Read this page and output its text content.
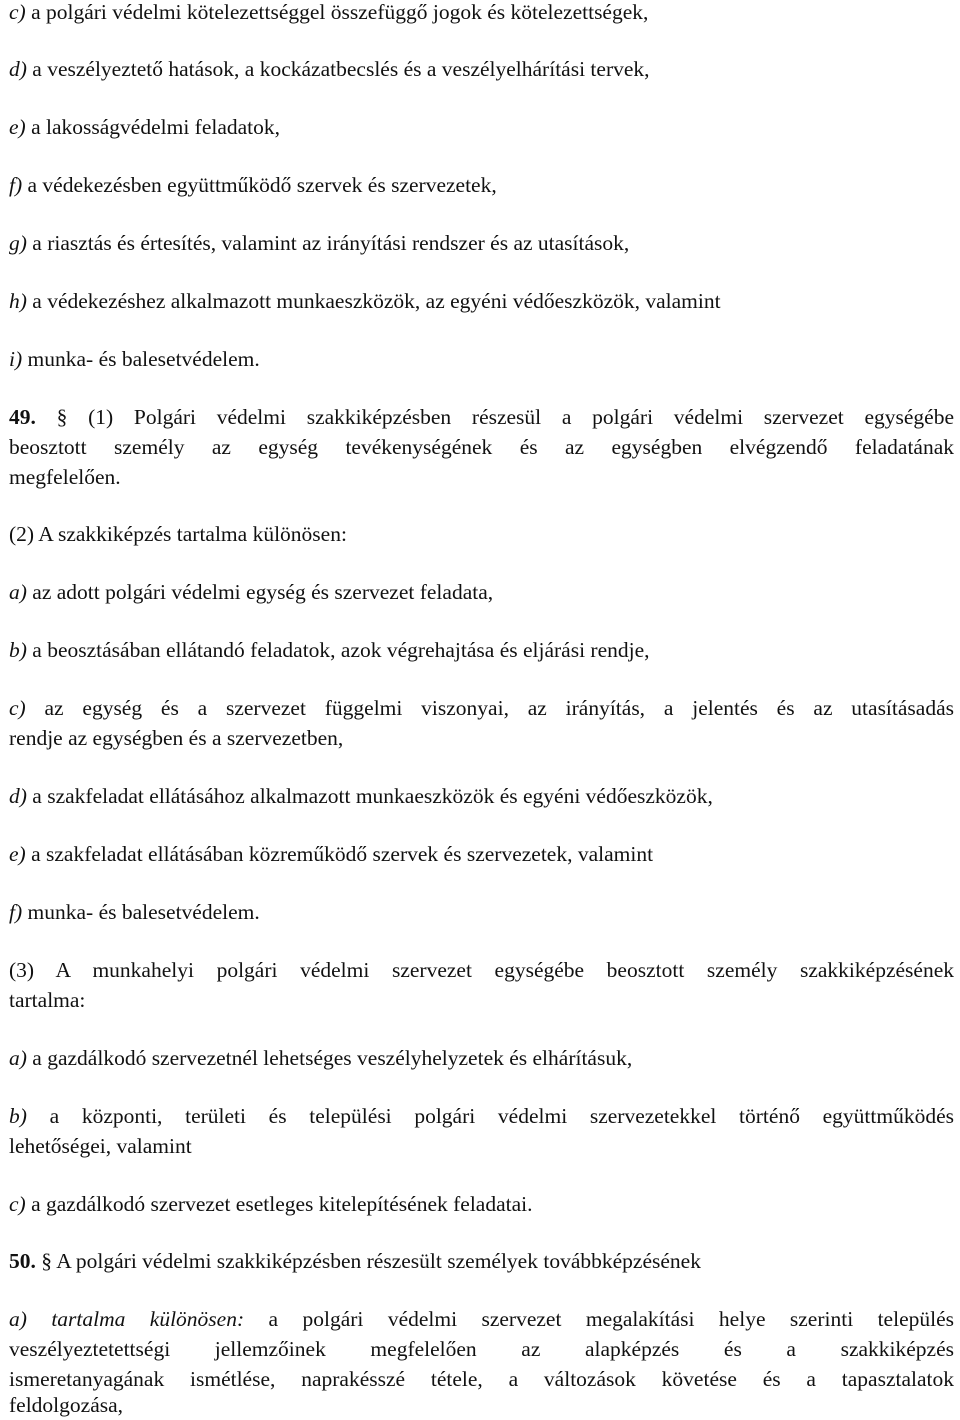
c) a polgári védelmi kötelezettséggel összefüggő jogok és kötelezettségek,
d) a veszélyeztető hatások, a kockázatbecslés és a veszélyelhárítási tervek,
e) a lakosságvédelmi feladatok,
f) a védekezésben együttműködő szervek és szervezetek,
g) a riasztás és értesítés, valamint az irányítási rendszer és az utasítások,
h) a védekezéshez alkalmazott munkaeszközök, az egyéni védőeszközök, valamint
i) munka- és balesetvédelem.
49. § (1) Polgári védelmi szakkiképzésben részesül a polgári védelmi szervezet egységébe
beosztott személy az egység tevékenységének és az egységben elvégzendő feladatának
megfelelően.
(2) A szakkiképzés tartalma különösen:
a) az adott polgári védelmi egység és szervezet feladata,
b) a beosztásában ellátandó feladatok, azok végrehajtása és eljárási rendje,
c) az egység és a szervezet függelmi viszonyai, az irányítás, a jelentés és az utasításadás
rendje az egységben és a szervezetben,
d) a szakfeladat ellátásához alkalmazott munkaeszközök és egyéni védőeszközök,
e) a szakfeladat ellátásában közreműködő szervek és szervezetek, valamint
f) munka- és balesetvédelem.
(3) A munkahelyi polgári védelmi szervezet egységébe beosztott személy szakkiképzésének
tartalma:
a) a gazdálkodó szervezetnél lehetséges veszélyhelyzetek és elhárításuk,
b) a központi, területi és települési polgári védelmi szervezetekkel történő együttműködés
lehetőségei, valamint
c) a gazdálkodó szervezet esetleges kitelepítésének feladatai.
50. § A polgári védelmi szakkiképzésben részesült személyek továbbképzésének
a) tartalma különösen: a polgári védelmi szervezet megalakítási helye szerinti település
veszélyeztetettségi jellemzőinek megfelelően az alapképzés és a szakkiképzés
ismeretanyagának ismétlése, naprakésszé tétele, a változások követése és a tapasztalatok
feldolgozása,
